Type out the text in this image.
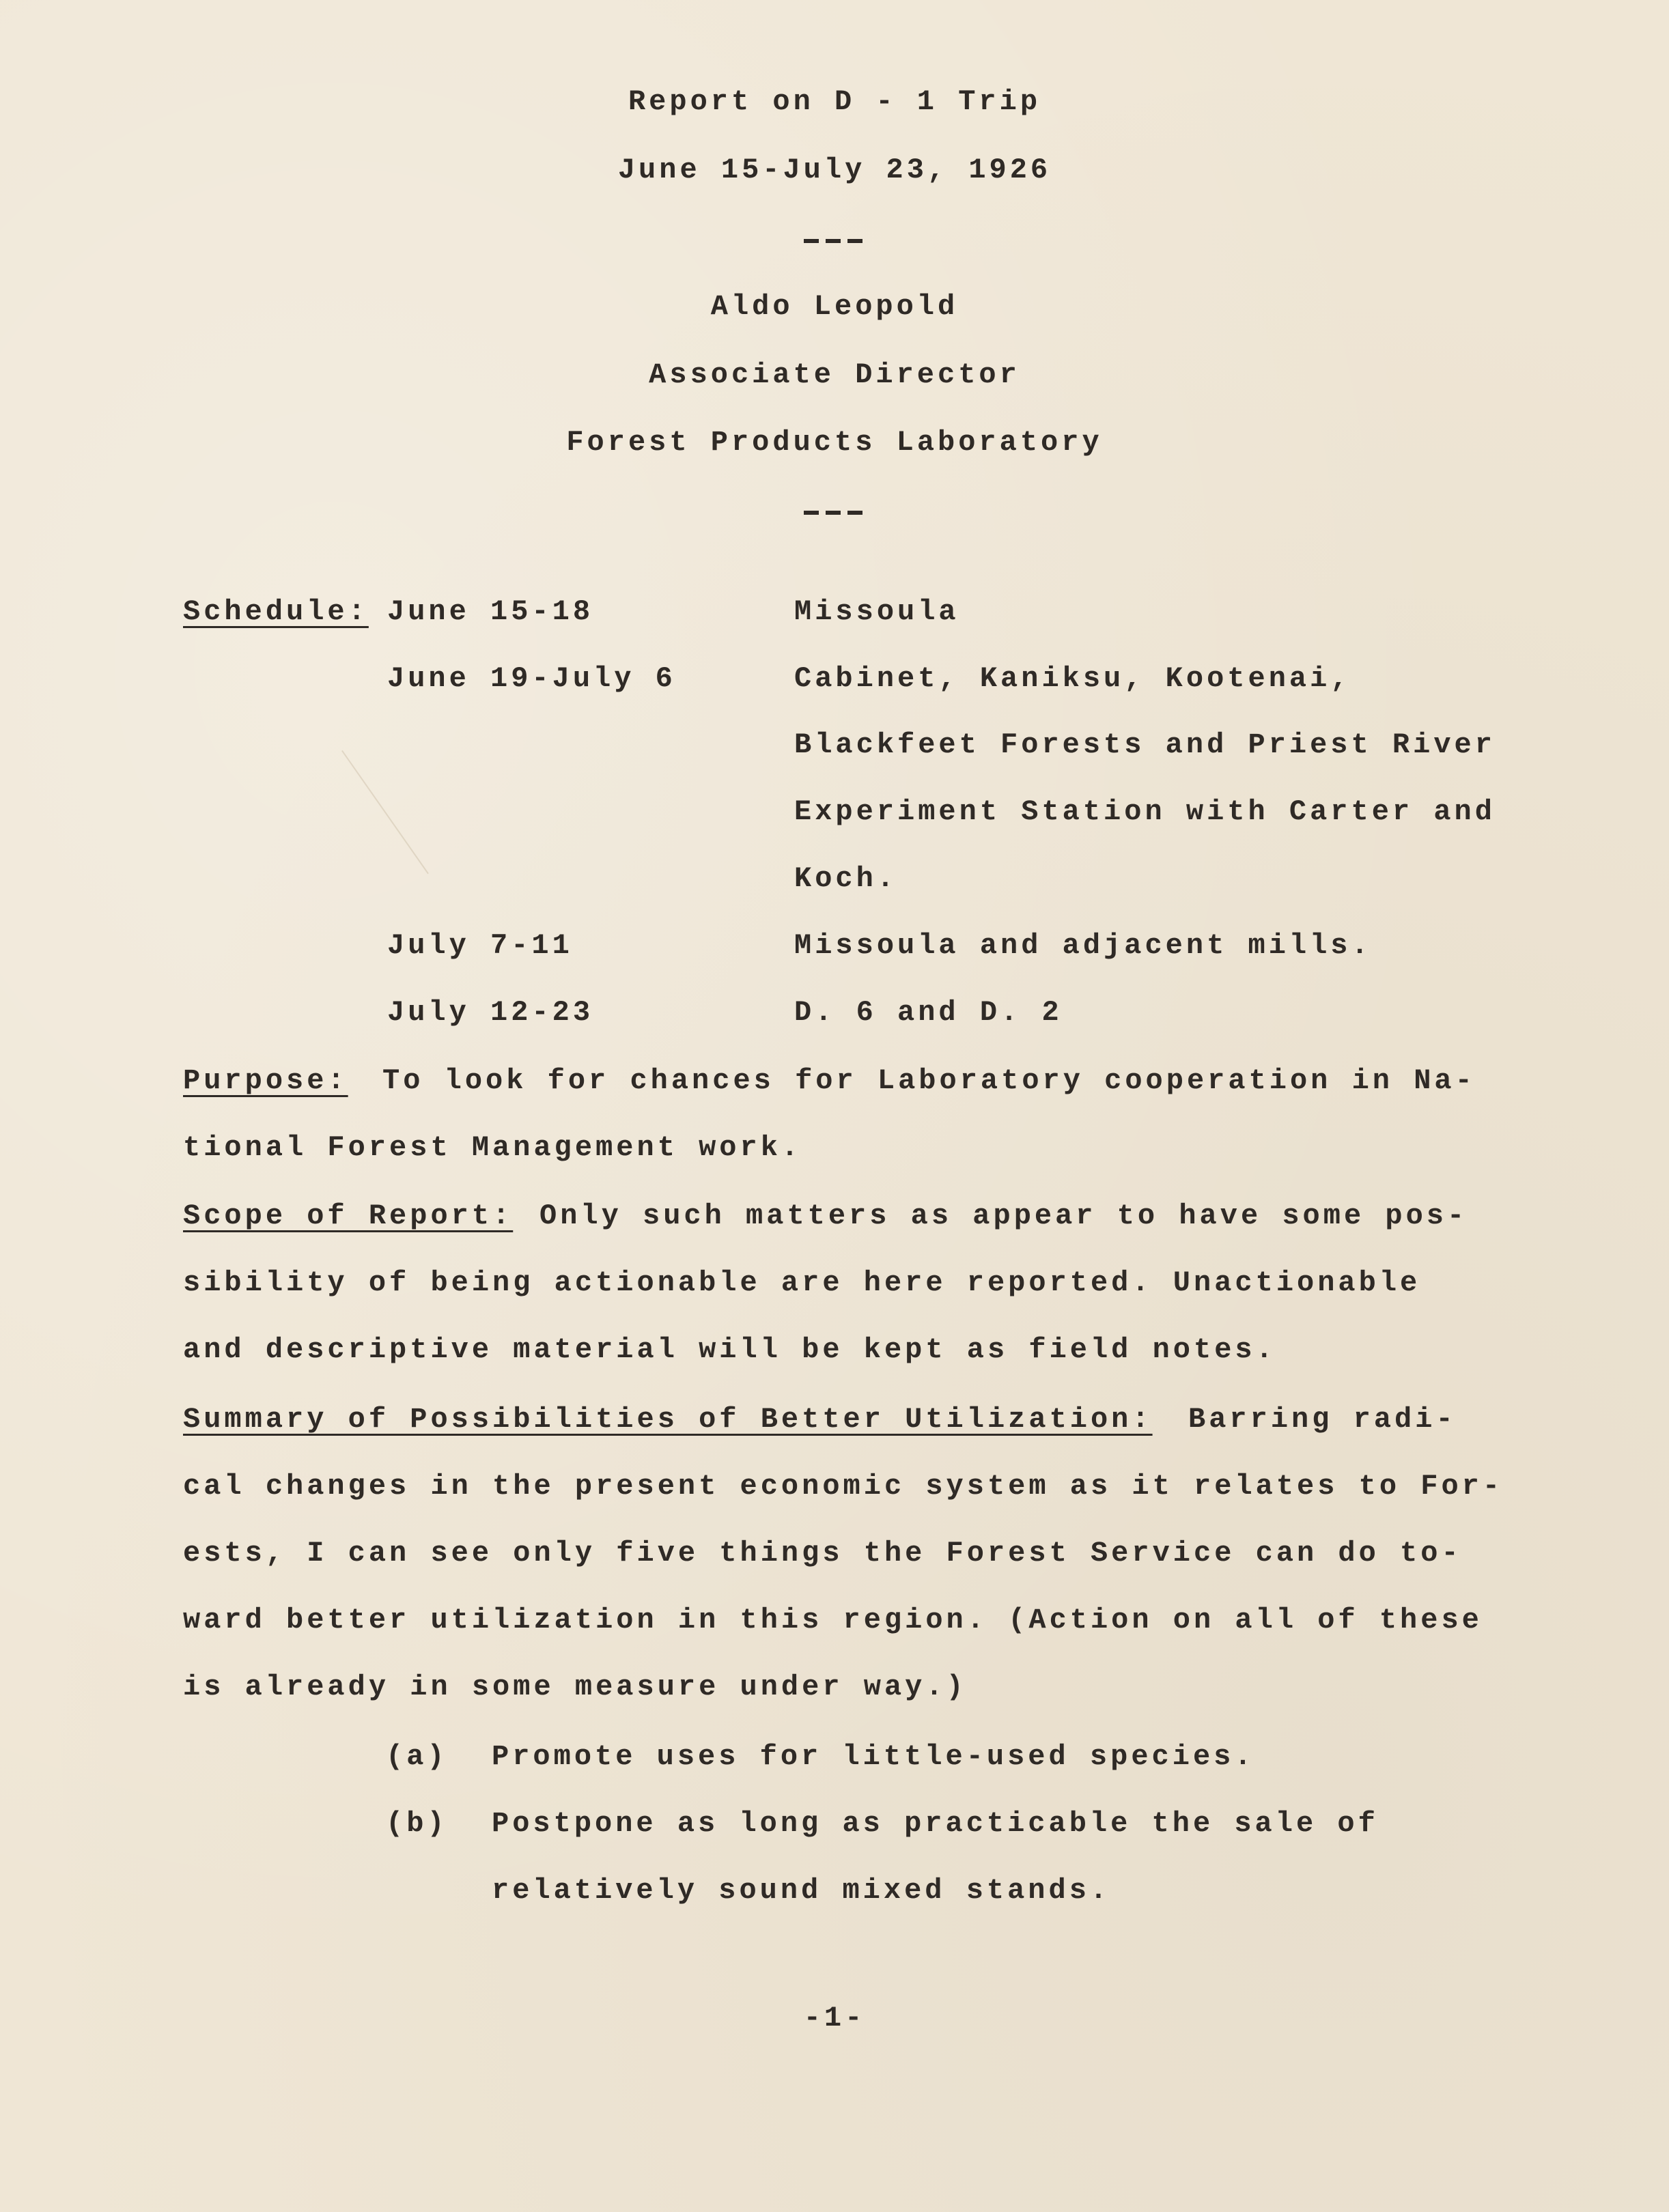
Report on D - 1 Trip
June 15-July 23, 1926
Aldo Leopold
Associate Director
Forest Products Laboratory
Schedule: June 15-18	Missoula
June 19-July 6	Cabinet, Kaniksu, Kootenai,
Blackfeet Forests and Priest River
Experiment Station with Carter and
Koch.
July 7-11	Missoula and adjacent mills.
July 12-23	D. 6 and D. 2
Purpose: To look for chances for Laboratory cooperation in Na-
tional Forest Management work.
Scope of Report: Only such matters as appear to have some pos-
sibility of being actionable are here reported. Unactionable
and descriptive material will be kept as field notes.
Summary of Possibilities of Better Utilization: Barring radi-
cal changes in the present economic system as it relates to For-
ests, I can see only five things the Forest Service can do to-
ward better utilization in this region. (Action on all of these
is already in some measure under way.)
(a) Promote uses for little-used species.
(b) Postpone as long as practicable the sale of
relatively sound mixed stands.
-1-
